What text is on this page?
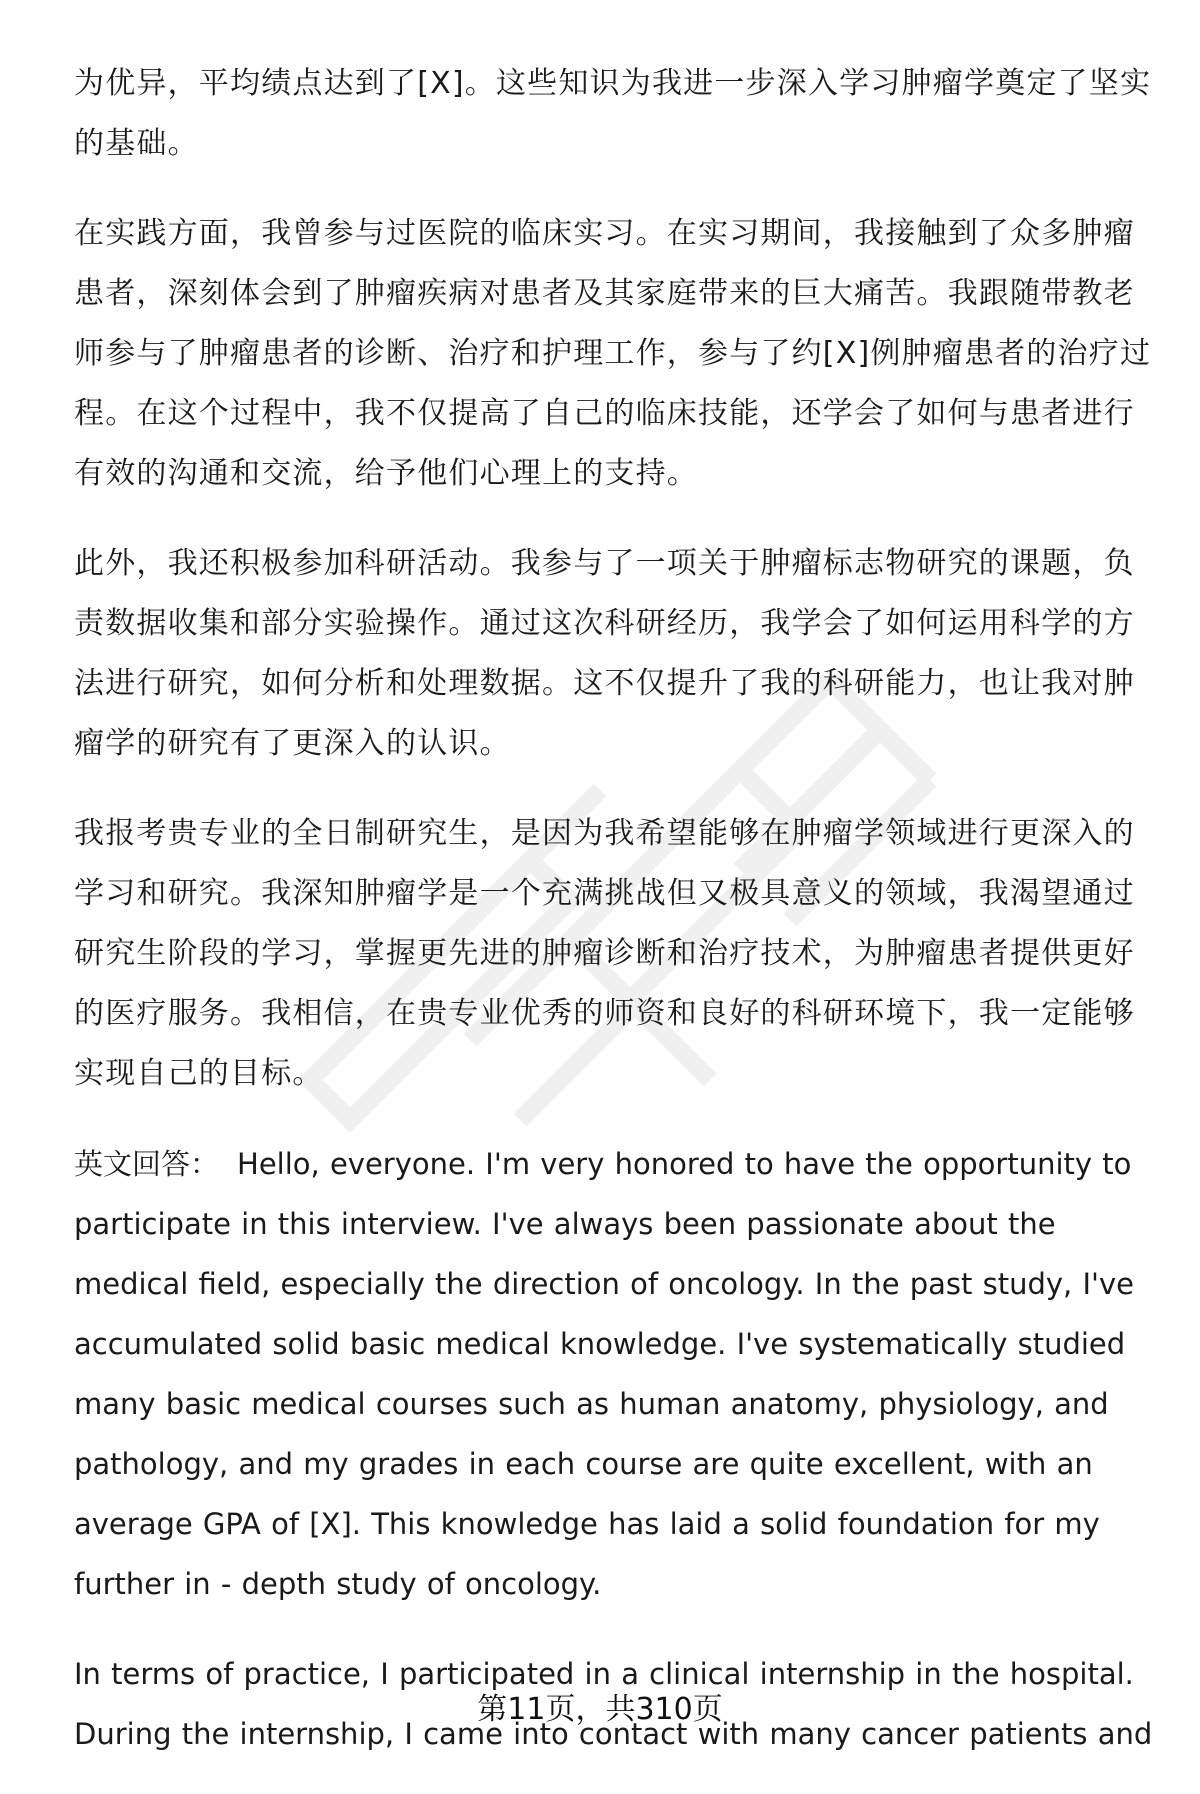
为优异，平均绩点达到了[X]。这些知识为我进一步深入学习肿瘤学奠定了坚实的基础。

在实践方面，我曾参与过医院的临床实习。在实习期间，我接触到了众多肿瘤患者，深刻体会到了肿瘤疾病对患者及其家庭带来的巨大痛苦。我跟随带教老师参与了肿瘤患者的诊断、治疗和护理工作，参与了约[X]例肿瘤患者的治疗过程。在这个过程中，我不仅提高了自己的临床技能，还学会了如何与患者进行有效的沟通和交流，给予他们心理上的支持。

此外，我还积极参加科研活动。我参与了一项关于肿瘤标志物研究的课题，负责数据收集和部分实验操作。通过这次科研经历，我学会了如何运用科学的方法进行研究，如何分析和处理数据。这不仅提升了我的科研能力，也让我对肿瘤学的研究有了更深入的认识。

我报考贵专业的全日制研究生，是因为我希望能够在肿瘤学领域进行更深入的学习和研究。我深知肿瘤学是一个充满挑战但又极具意义的领域，我渴望通过研究生阶段的学习，掌握更先进的肿瘤诊断和治疗技术，为肿瘤患者提供更好的医疗服务。我相信，在贵专业优秀的师资和良好的科研环境下，我一定能够实现自己的目标。

英文回答： Hello, everyone. I'm very honored to have the opportunity to participate in this interview. I've always been passionate about the medical field, especially the direction of oncology. In the past study, I've accumulated solid basic medical knowledge. I've systematically studied many basic medical courses such as human anatomy, physiology, and pathology, and my grades in each course are quite excellent, with an average GPA of [X]. This knowledge has laid a solid foundation for my further in - depth study of oncology.

In terms of practice, I participated in a clinical internship in the hospital. During the internship, I came into contact with many cancer patients and

第11页，共310页
